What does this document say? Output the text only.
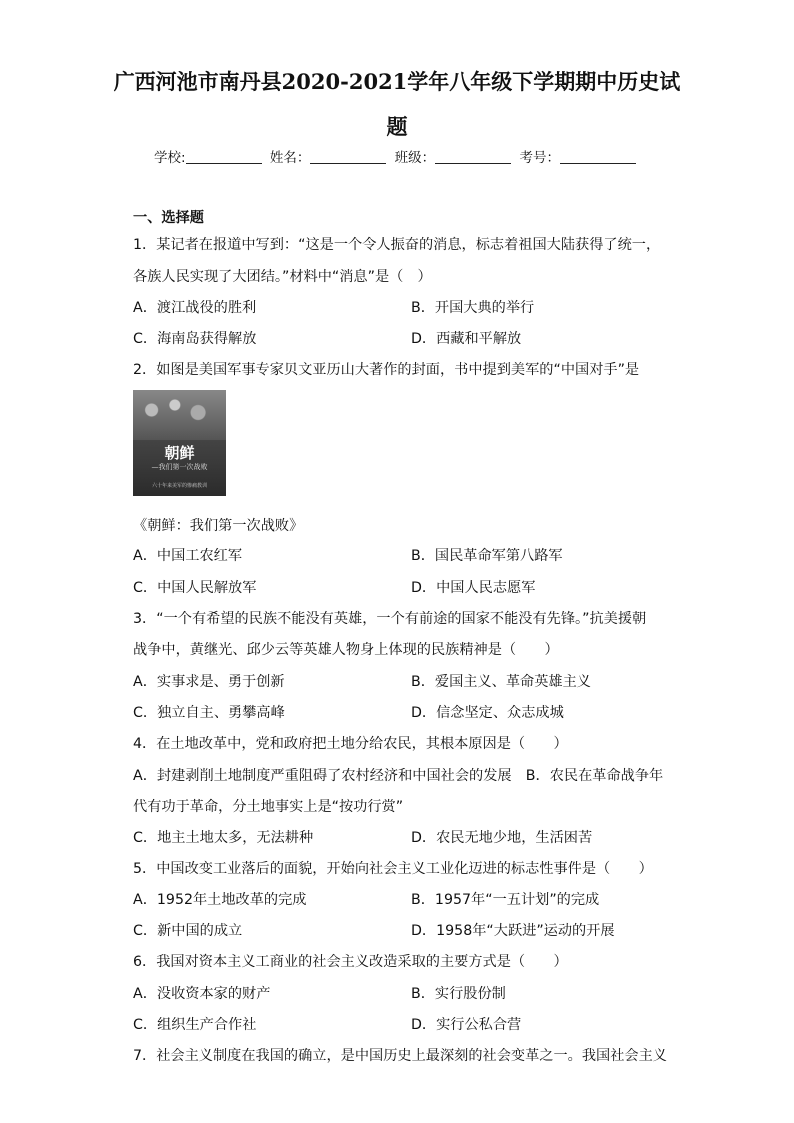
广西河池市南丹县2020-2021学年八年级下学期期中历史试
题
学校:	姓名：	班级：	考号：
一、选择题
1．某记者在报道中写到：“这是一个令人振奋的消息，标志着祖国大陆获得了统一，
各族人民实现了大团结。”材料中“消息”是（　）
A．渡江战役的胜利	B．开国大典的举行
C．海南岛获得解放	D．西藏和平解放
2．如图是美国军事专家贝文亚历山大著作的封面，书中提到美军的“中国对手”是
朝鲜
—我们第一次战败
六十年来美军的惨痛教训
《朝鲜：我们第一次战败》
A．中国工农红军	B．国民革命军第八路军
C．中国人民解放军	D．中国人民志愿军
3．“一个有希望的民族不能没有英雄，一个有前途的国家不能没有先锋。”抗美援朝
战争中，黄继光、邱少云等英雄人物身上体现的民族精神是（　　）
A．实事求是、勇于创新	B．爱国主义、革命英雄主义
C．独立自主、勇攀高峰	D．信念坚定、众志成城
4．在土地改革中，党和政府把土地分给农民，其根本原因是（　　）
A．封建剥削土地制度严重阻碍了农村经济和中国社会的发展　B．农民在革命战争年
代有功于革命，分土地事实上是“按功行赏”
C．地主土地太多，无法耕种	D．农民无地少地，生活困苦
5．中国改变工业落后的面貌，开始向社会主义工业化迈进的标志性事件是（　　）
A．1952年土地改革的完成	B．1957年“一五计划”的完成
C．新中国的成立	D．1958年“大跃进”运动的开展
6．我国对资本主义工商业的社会主义改造采取的主要方式是（　　）
A．没收资本家的财产	B．实行股份制
C．组织生产合作社	D．实行公私合营
7．社会主义制度在我国的确立，是中国历史上最深刻的社会变革之一。我国社会主义
